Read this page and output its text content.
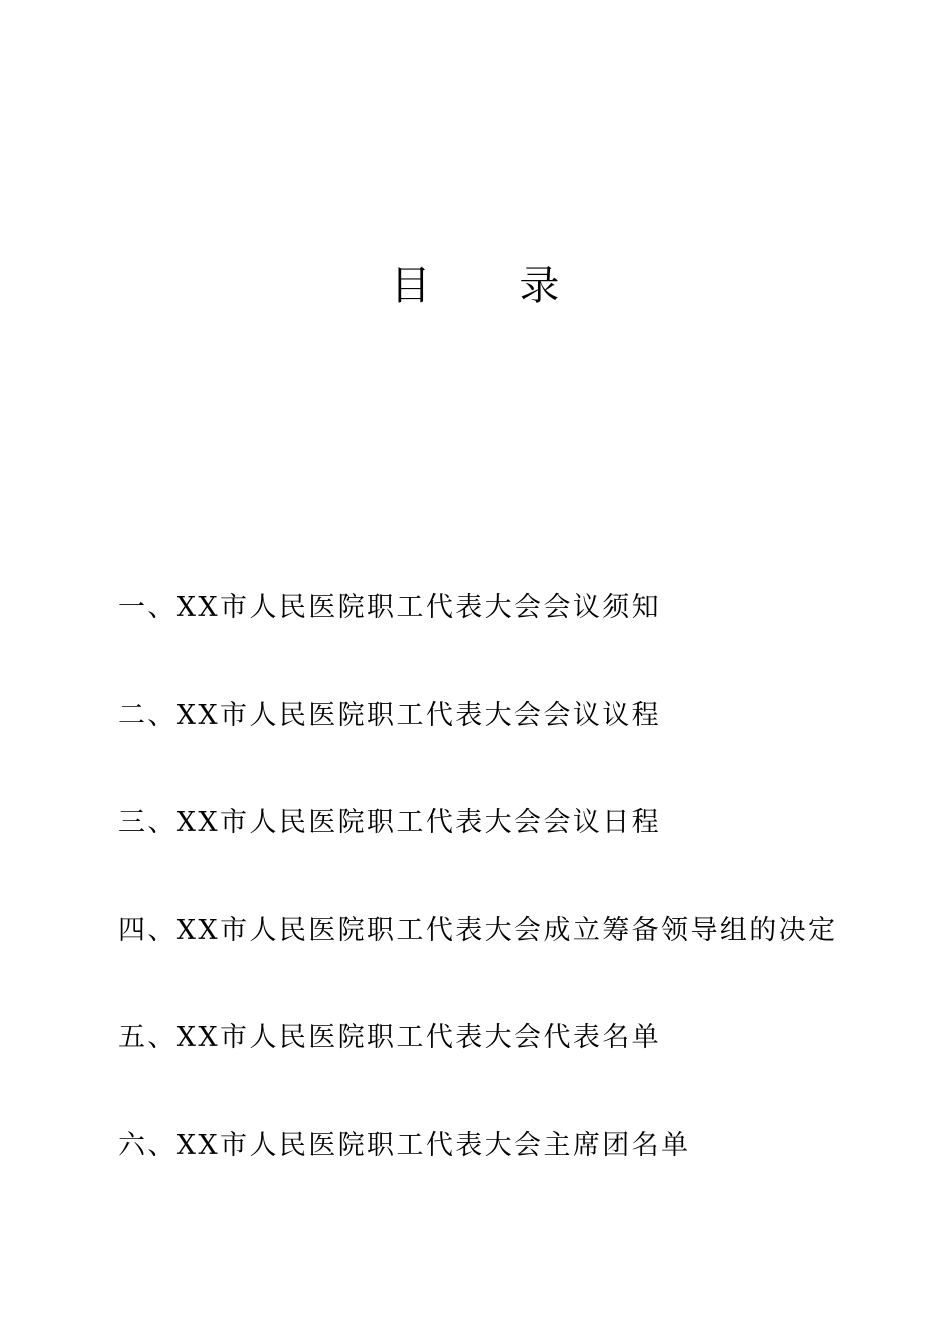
目 录
一、XX市人民医院职工代表大会会议须知
二、XX市人民医院职工代表大会会议议程
三、XX市人民医院职工代表大会会议日程
四、XX市人民医院职工代表大会成立筹备领导组的决定
五、XX市人民医院职工代表大会代表名单
六、XX市人民医院职工代表大会主席团名单
